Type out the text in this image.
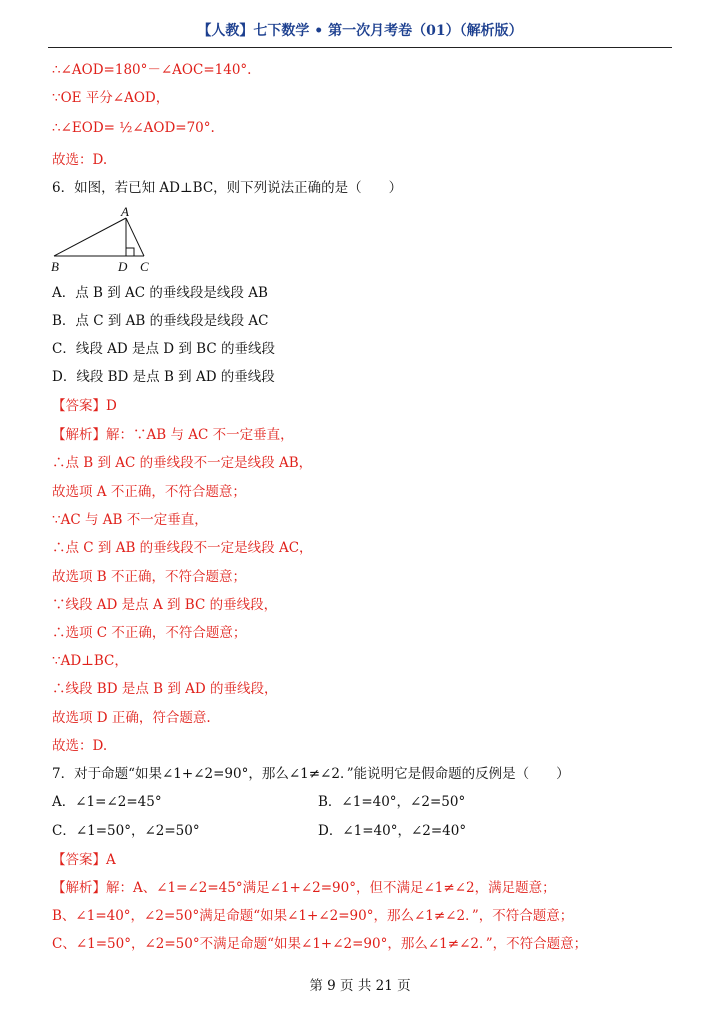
【人教】七下数学 • 第一次月考卷（01）（解析版）
∴∠AOD=180°－∠AOC=140°.
∵OE 平分∠AOD，
∴∠EOD= ½∠AOD=70°.
故选：D.
6．如图，若已知 AD⊥BC，则下列说法正确的是（　　）
A
B	D C
A．点 B 到 AC 的垂线段是线段 AB
B．点 C 到 AB 的垂线段是线段 AC
C．线段 AD 是点 D 到 BC 的垂线段
D．线段 BD 是点 B 到 AD 的垂线段
【答案】D
【解析】解：∵AB 与 AC 不一定垂直，
∴点 B 到 AC 的垂线段不一定是线段 AB，
故选项 A 不正确，不符合题意；
∵AC 与 AB 不一定垂直，
∴点 C 到 AB 的垂线段不一定是线段 AC，
故选项 B 不正确，不符合题意；
∵线段 AD 是点 A 到 BC 的垂线段，
∴选项 C 不正确，不符合题意；
∵AD⊥BC，
∴线段 BD 是点 B 到 AD 的垂线段，
故选项 D 正确，符合题意.
故选：D.
7．对于命题“如果∠1+∠2=90°，那么∠1≠∠2．”能说明它是假命题的反例是（　　）
A．∠1=∠2=45°	B．∠1=40°，∠2=50°
C．∠1=50°，∠2=50°	D．∠1=40°，∠2=40°
【答案】A
【解析】解：A、∠1=∠2=45°满足∠1+∠2=90°，但不满足∠1≠∠2，满足题意；
B、∠1=40°，∠2=50°满足命题“如果∠1+∠2=90°，那么∠1≠∠2．”，不符合题意；
C、∠1=50°，∠2=50°不满足命题“如果∠1+∠2=90°，那么∠1≠∠2．”，不符合题意；
第 9 页 共 21 页
